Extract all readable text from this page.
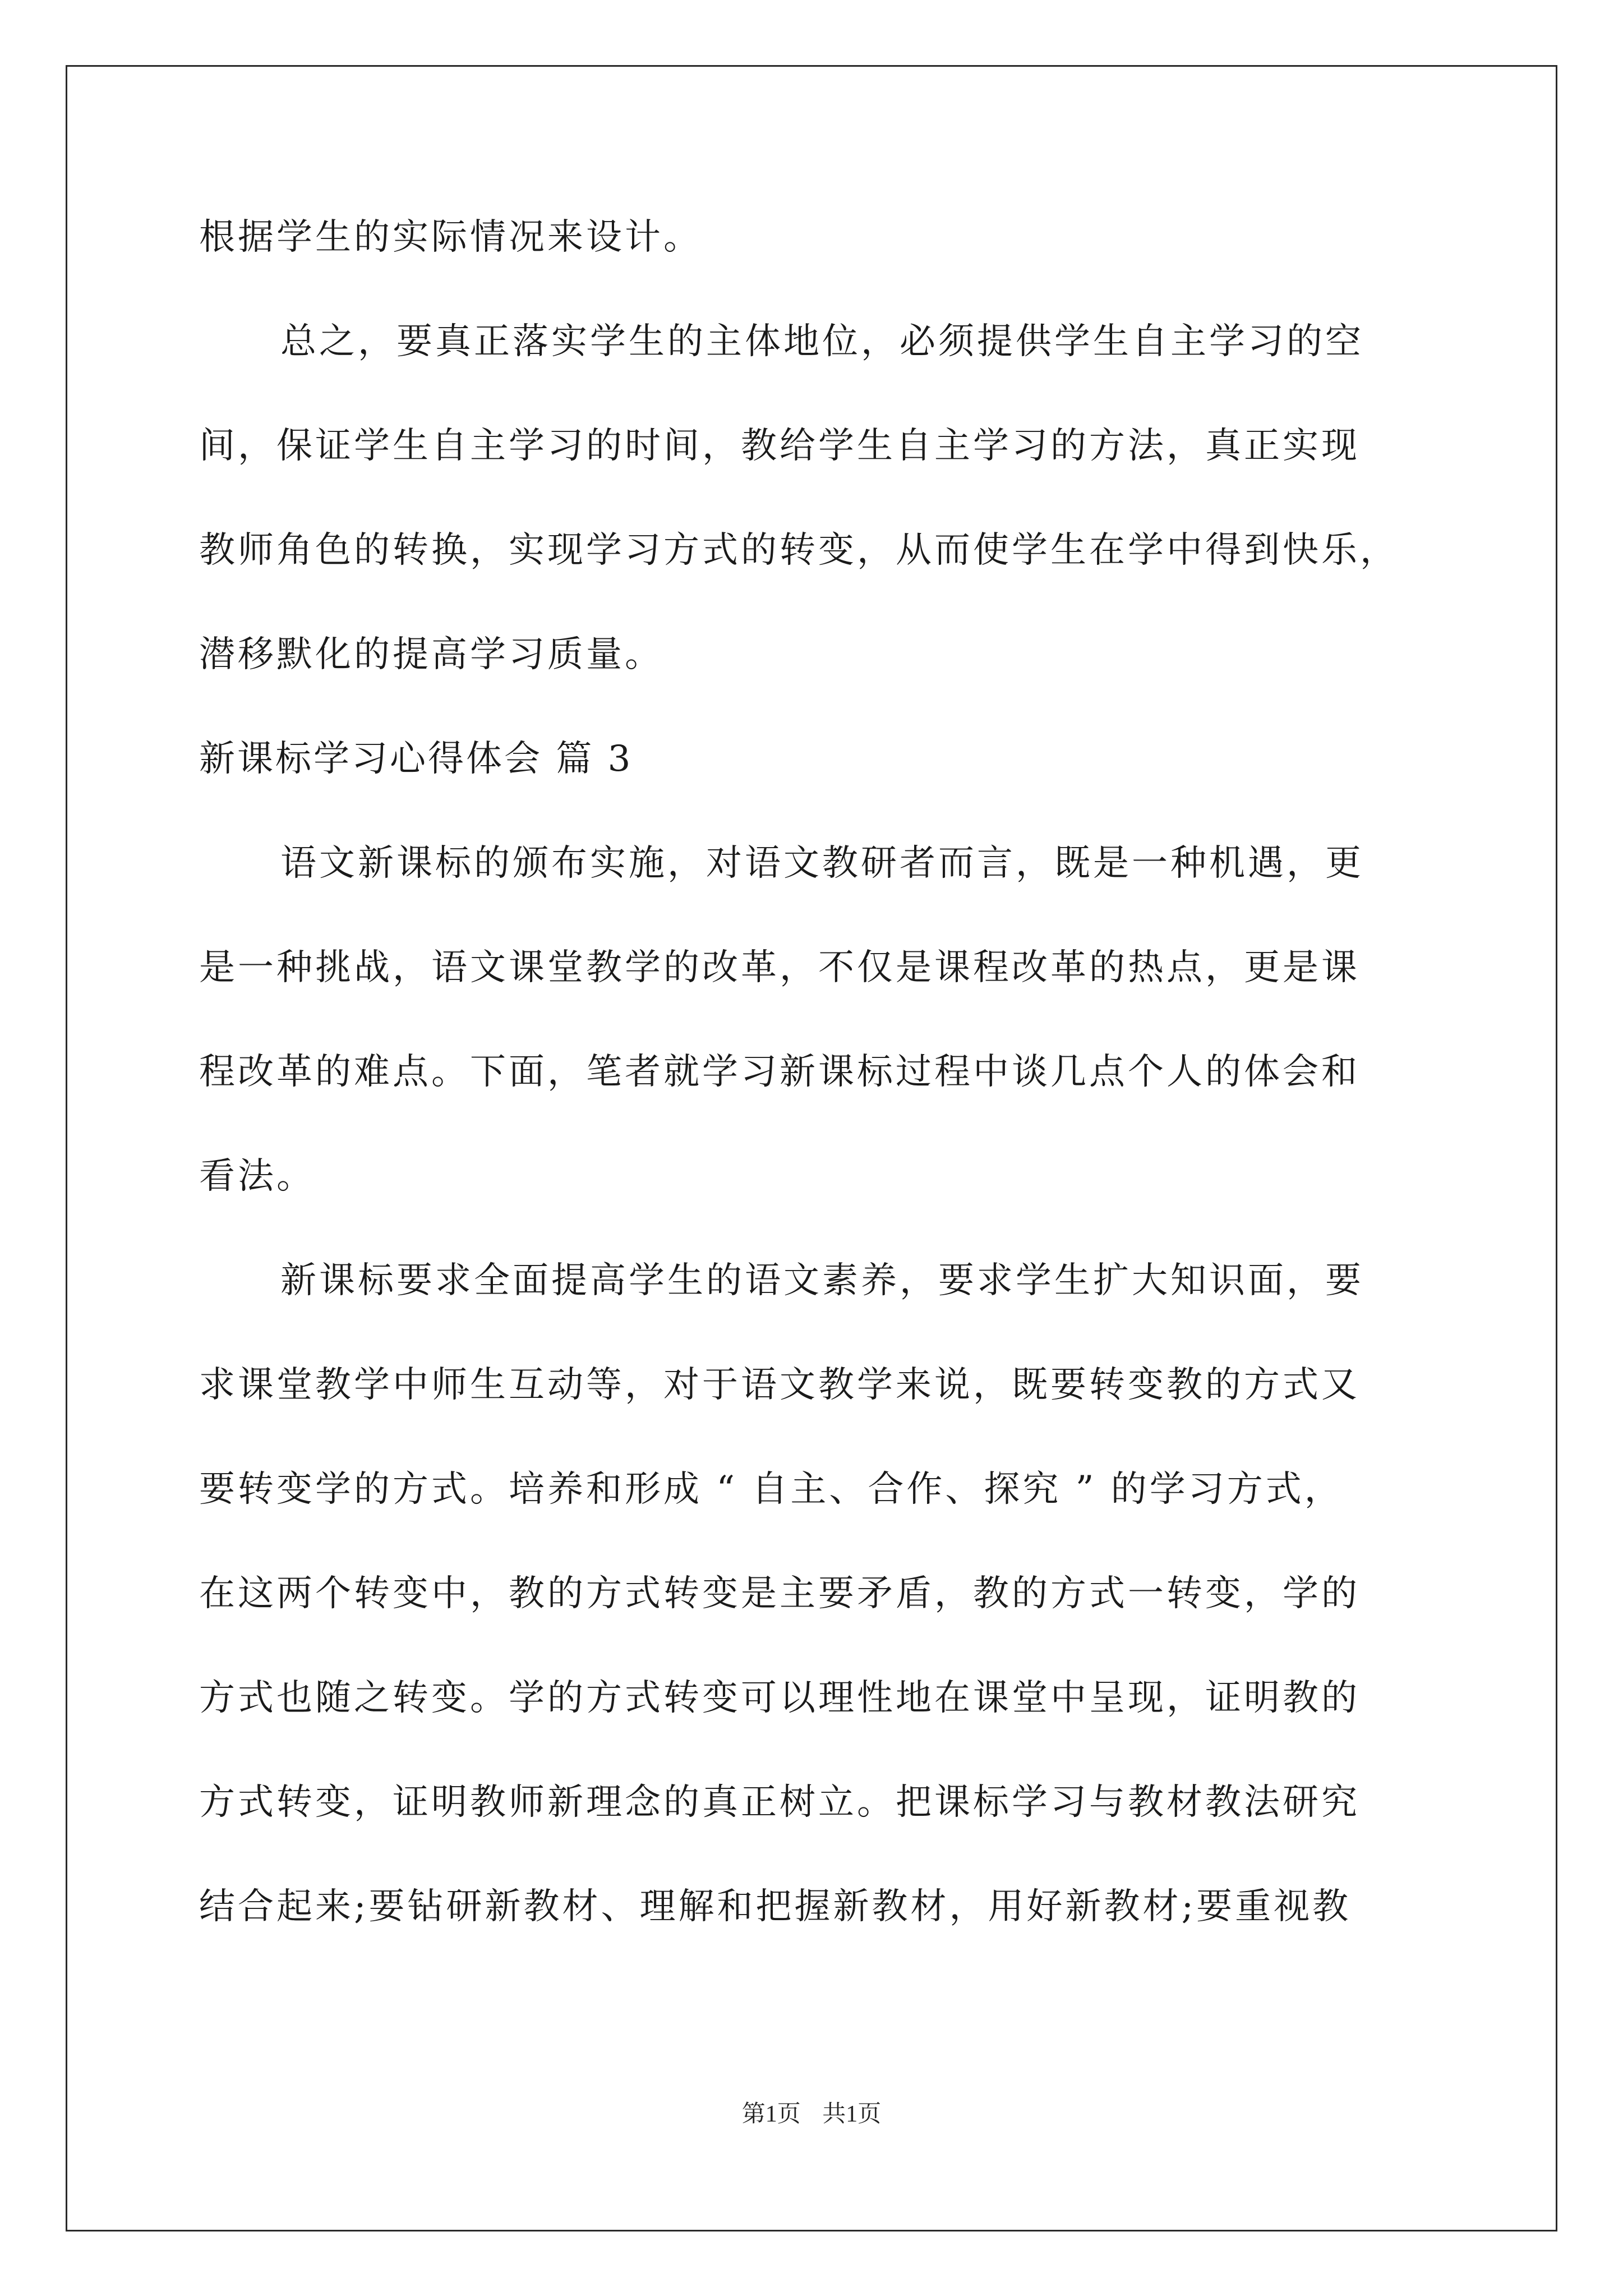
根据学生的实际情况来设计。
总之，要真正落实学生的主体地位，必须提供学生自主学习的空
间，保证学生自主学习的时间，教给学生自主学习的方法，真正实现
教师角色的转换，实现学习方式的转变，从而使学生在学中得到快乐，
潜移默化的提高学习质量。
新课标学习心得体会 篇 3
语文新课标的颁布实施，对语文教研者而言，既是一种机遇，更
是一种挑战，语文课堂教学的改革，不仅是课程改革的热点，更是课
程改革的难点。下面，笔者就学习新课标过程中谈几点个人的体会和
看法。
新课标要求全面提高学生的语文素养，要求学生扩大知识面，要
求课堂教学中师生互动等，对于语文教学来说，既要转变教的方式又
要转变学的方式。培养和形成 “ 自主、合作、探究 ” 的学习方式，
在这两个转变中，教的方式转变是主要矛盾，教的方式一转变，学的
方式也随之转变。学的方式转变可以理性地在课堂中呈现，证明教的
方式转变，证明教师新理念的真正树立。把课标学习与教材教法研究
结合起来;要钻研新教材、理解和把握新教材，用好新教材;要重视教
第1页 共1页
